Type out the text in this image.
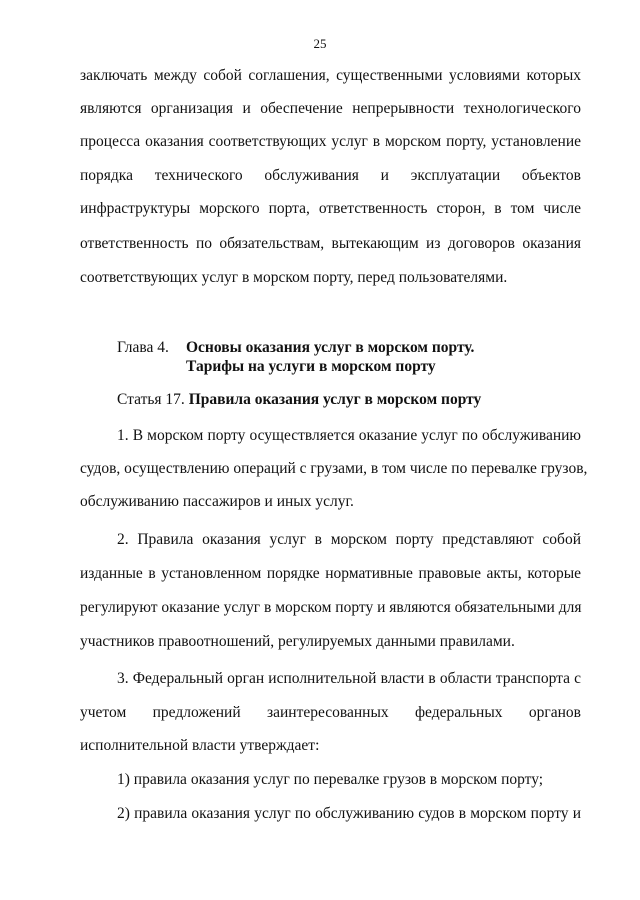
25
заключать между собой соглашения, существенными условиями которых
являются организация и обеспечение непрерывности технологического
процесса оказания соответствующих услуг в морском порту, установление
порядка технического обслуживания и эксплуатации объектов
инфраструктуры морского порта, ответственность сторон, в том числе
ответственность по обязательствам, вытекающим из договоров оказания
соответствующих услуг в морском порту, перед пользователями.
Глава 4. Основы оказания услуг в морском порту.
Тарифы на услуги в морском порту
Статья 17. Правила оказания услуг в морском порту
1. В морском порту осуществляется оказание услуг по обслуживанию
судов, осуществлению операций с грузами, в том числе по перевалке грузов,
обслуживанию пассажиров и иных услуг.
2. Правила оказания услуг в морском порту представляют собой
изданные в установленном порядке нормативные правовые акты, которые
регулируют оказание услуг в морском порту и являются обязательными для
участников правоотношений, регулируемых данными правилами.
3. Федеральный орган исполнительной власти в области транспорта с
учетом предложений заинтересованных федеральных органов
исполнительной власти утверждает:
1) правила оказания услуг по перевалке грузов в морском порту;
2) правила оказания услуг по обслуживанию судов в морском порту и
